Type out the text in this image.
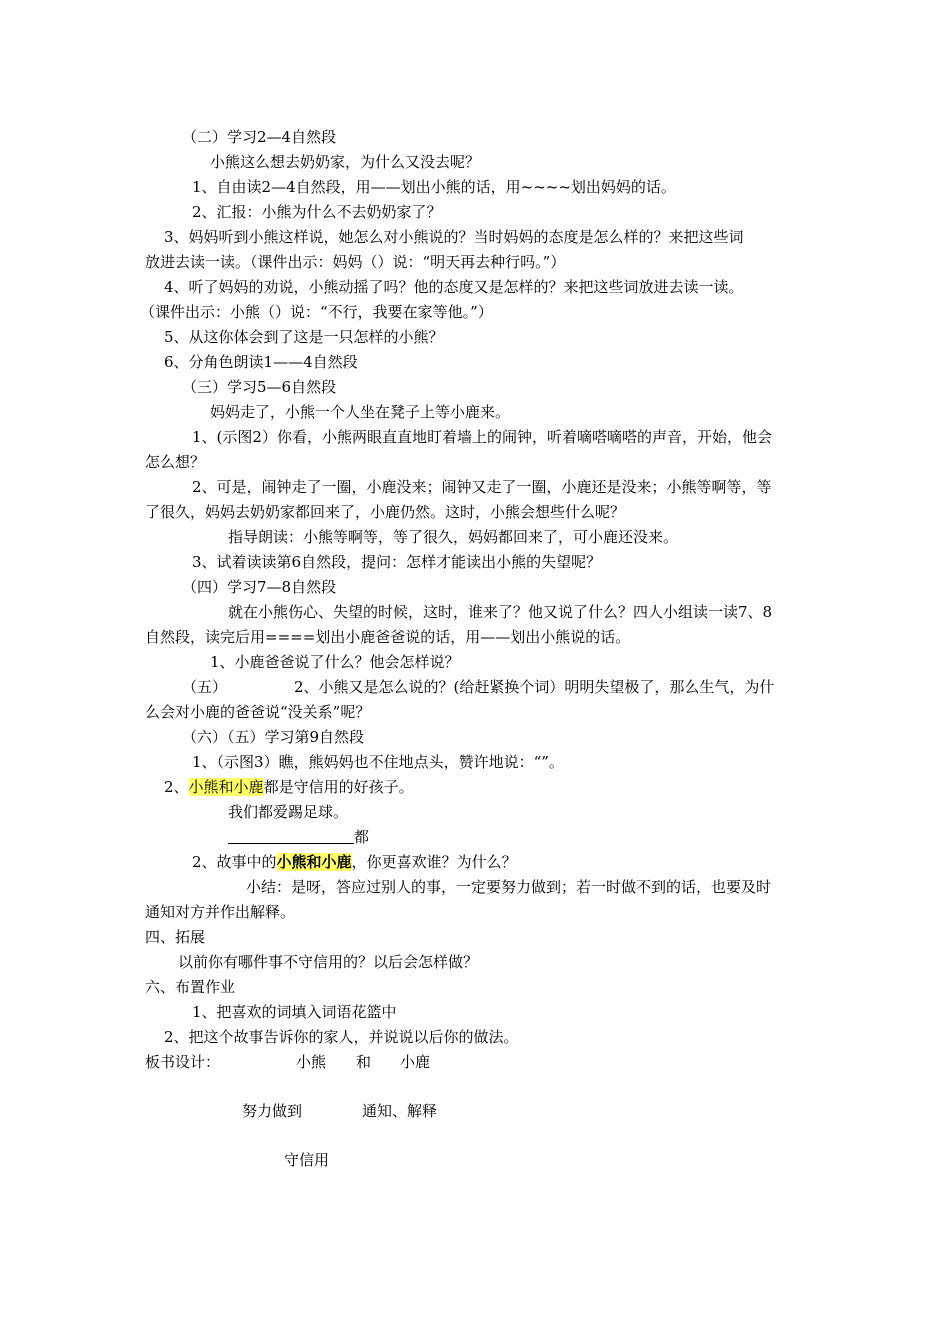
（二）学习2—4自然段
小熊这么想去奶奶家，为什么又没去呢？
1、自由读2—4自然段，用——划出小熊的话，用~~~~划出妈妈的话。
2、汇报：小熊为什么不去奶奶家了？
3、妈妈听到小熊这样说，她怎么对小熊说的？当时妈妈的态度是怎么样的？来把这些词
放进去读一读。（课件出示：妈妈（）说：“明天再去种行吗。”）
4、听了妈妈的劝说，小熊动摇了吗？他的态度又是怎样的？来把这些词放进去读一读。
（课件出示：小熊（）说：“不行，我要在家等他。”）
5、从这你体会到了这是一只怎样的小熊？
6、分角色朗读1——4自然段
（三）学习5—6自然段
妈妈走了，小熊一个人坐在凳子上等小鹿来。
1、(示图2）你看，小熊两眼直直地盯着墙上的闹钟，听着嘀嗒嘀嗒的声音，开始，他会
怎么想？
2、可是，闹钟走了一圈，小鹿没来；闹钟又走了一圈，小鹿还是没来；小熊等啊等，等
了很久，妈妈去奶奶家都回来了，小鹿仍然。这时，小熊会想些什么呢？
指导朗读：小熊等啊等，等了很久，妈妈都回来了，可小鹿还没来。
3、试着读读第6自然段，提问：怎样才能读出小熊的失望呢？
（四）学习7—8自然段
就在小熊伤心、失望的时候，这时，谁来了？他又说了什么？四人小组读一读7、8
自然段，读完后用====划出小鹿爸爸说的话，用——划出小熊说的话。
1、小鹿爸爸说了什么？他会怎样说？
（五）	2、小熊又是怎么说的？(给赶紧换个词）明明失望极了，那么生气，为什
么会对小鹿的爸爸说“没关系”呢？
（六）（五）学习第9自然段
1、（示图3）瞧，熊妈妈也不住地点头，赞许地说：“”。
2、小熊和小鹿都是守信用的好孩子。
我们都爱踢足球。
都
2、故事中的小熊和小鹿，你更喜欢谁？为什么？
小结：是呀，答应过别人的事，一定要努力做到；若一时做不到的话，也要及时
通知对方并作出解释。
四、拓展
以前你有哪件事不守信用的？以后会怎样做？
六、布置作业
1、把喜欢的词填入词语花篮中
2、把这个故事告诉你的家人，并说说以后你的做法。
板书设计：	小熊 和 小鹿
努力做到	通知、解释
守信用
